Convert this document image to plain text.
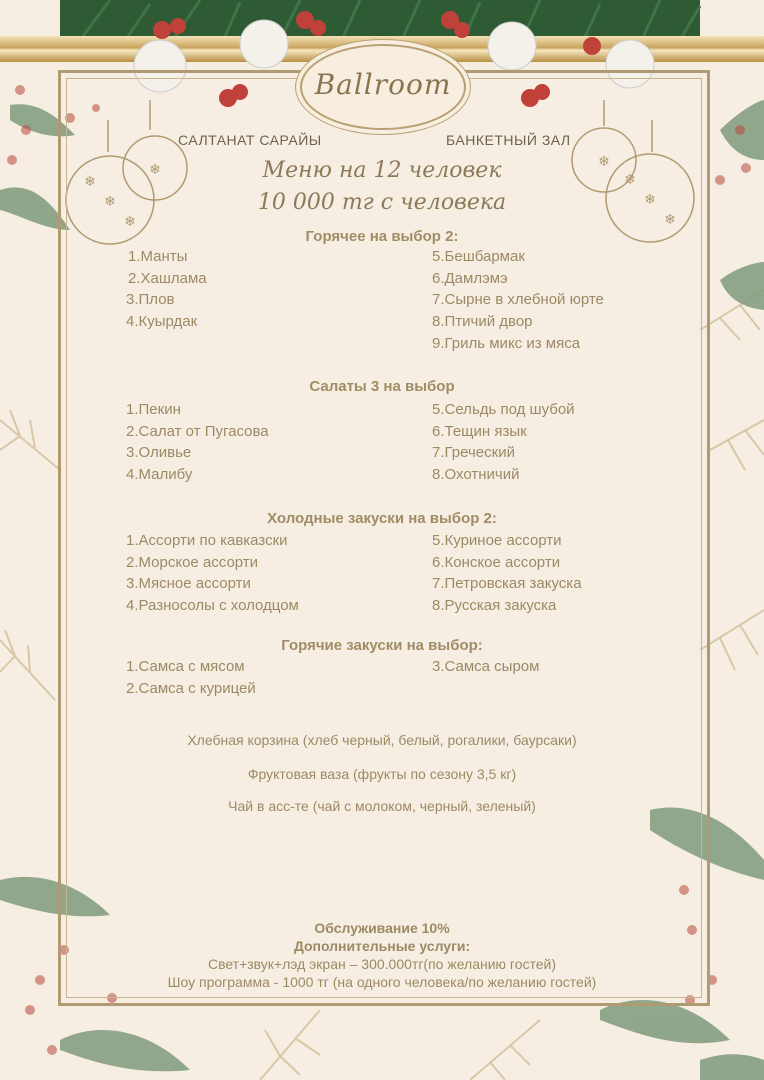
❄
❄
❄
❄
❄
❄
❄
❄
Ballroom
САЛТАНАТ САРАЙЫ	БАНКЕТНЫЙ ЗАЛ
Меню на 12 человек
10 000 тг с человека
Горячее на выбор 2:
1.Манты
2.Хашлама
3.Плов
4.Куырдак
5.Бешбармак
6.Дамлэмэ
7.Сырне в хлебной юрте
8.Птичий двор
9.Гриль микс из мяса
Салаты 3 на выбор
1.Пекин
2.Салат от Пугасова
3.Оливье
4.Малибу
5.Сельдь под шубой
6.Тещин язык
7.Греческий
8.Охотничий
Холодные закуски на выбор 2:
1.Ассорти по кавказски
2.Морское ассорти
3.Мясное ассорти
4.Разносолы с холодцом
5.Куриное ассорти
6.Конское ассорти
7.Петровская закуска
8.Русская закуска
Горячие закуски на выбор:
1.Самса с мясом
2.Самса с курицей
3.Самса сыром
Хлебная корзина (хлеб черный, белый, рогалики, баурсаки)
Фруктовая ваза (фрукты по сезону 3,5 кг)
Чай в асс-те (чай с молоком, черный, зеленый)
Обслуживание 10%
Дополнительные услуги:
Свет+звук+лэд экран – 300.000тг(по желанию гостей)
Шоу программа - 1000 тг (на одного человека/по желанию гостей)
